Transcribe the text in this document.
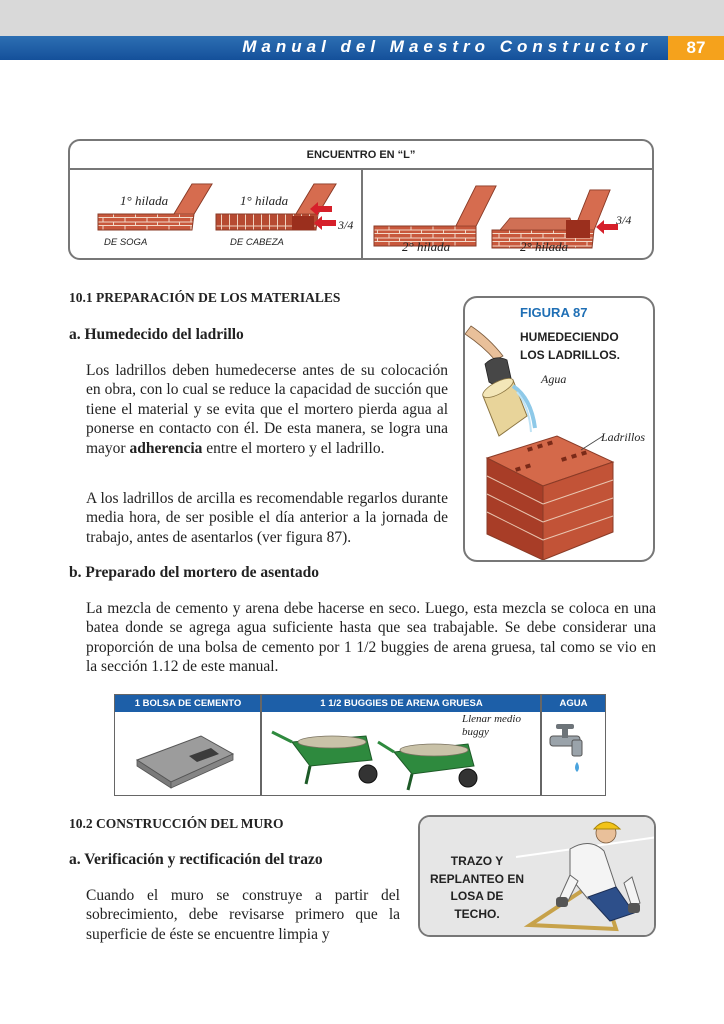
Manual del Maestro Constructor	87
ENCUENTRO EN “L”
1° hilada	1° hilada
DE SOGA	DE CABEZA
3/4
2° hilada	2° hilada
3/4
10.1 PREPARACIÓN DE LOS MATERIALES
a. Humedecido del ladrillo
Los ladrillos deben humedecerse antes de su colocación en obra, con lo cual se reduce la capacidad de succión que tiene el material y se evita que el mortero pierda agua al ponerse en contacto con él. De esta manera, se logra una mayor adherencia entre el mortero y el ladrillo.
A los ladrillos de arcilla es recomendable regarlos durante media hora, de ser posible el día anterior a la jornada de trabajo, antes de asentarlos (ver figura 87).
b. Preparado del mortero de asentado
La mezcla de cemento y arena debe hacerse en seco. Luego, esta mezcla se coloca en una batea donde se agrega agua suficiente hasta que sea trabajable. Se debe considerar una proporción de una bolsa de cemento por 1 1/2 buggies de arena gruesa, tal como se vio en la sección 1.12 de este manual.
FIGURA 87
HUMEDECIENDO LOS LADRILLOS.
Agua
Ladrillos
1 BOLSA DE CEMENTO	1 1/2 BUGGIES DE ARENA GRUESA	AGUA
Llenar medio buggy
10.2 CONSTRUCCIÓN DEL MURO
a. Verificación y rectificación del trazo
Cuando el muro se construye a partir del sobrecimiento, debe revisarse primero que la superficie de éste se encuentre limpia y
TRAZO Y REPLANTEO EN LOSA DE TECHO.
